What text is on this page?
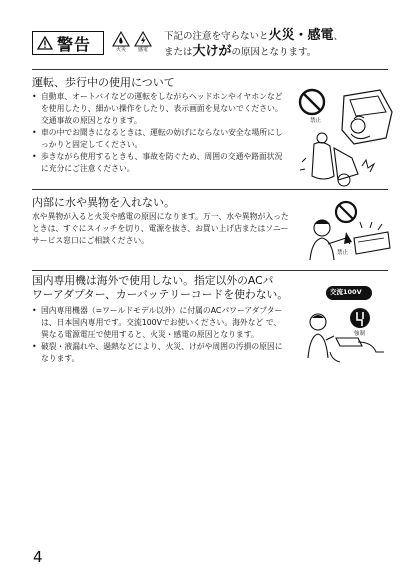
警告	火災 感電
下記の注意を守らないと火災・感電、
または大けがの原因となります。
運転、歩行中の使用について
• 自動車、オートバイなどの運転をしながらヘッドホンやイヤホンなどを使用したり、細かい操作をしたり、表示画面を見ないでください。交通事故の原因となります。
• 車の中でお聞きになるときは、運転の妨げにならない安全な場所にしっかりと固定してください。
• 歩きながら使用するときも、事故を防ぐため、周囲の交通や路面状況に充分にご注意ください。
禁止
内部に水や異物を入れない。
水や異物が入ると火災や感電の原因になります。万一、水や異物が入ったときは、すぐにスイッチを切り、電源を抜き、お買い上げ店またはソニーサービス窓口にご相談ください。
禁止
国内専用機は海外で使用しない。指定以外のACパ
ワーアダプター、カーバッテリーコードを使わない。
• 国内専用機器（=ワールドモデル以外）に付属のACパワーアダプターは、日本国内専用です。交流100Vでお使いください。海外など で、異なる電源電圧で使用すると、火災・感電の原因となります。
• 破裂・液漏れや、過熱などにより、火災、けがや周囲の汚損の原因になります。
交流100V
強制
4
